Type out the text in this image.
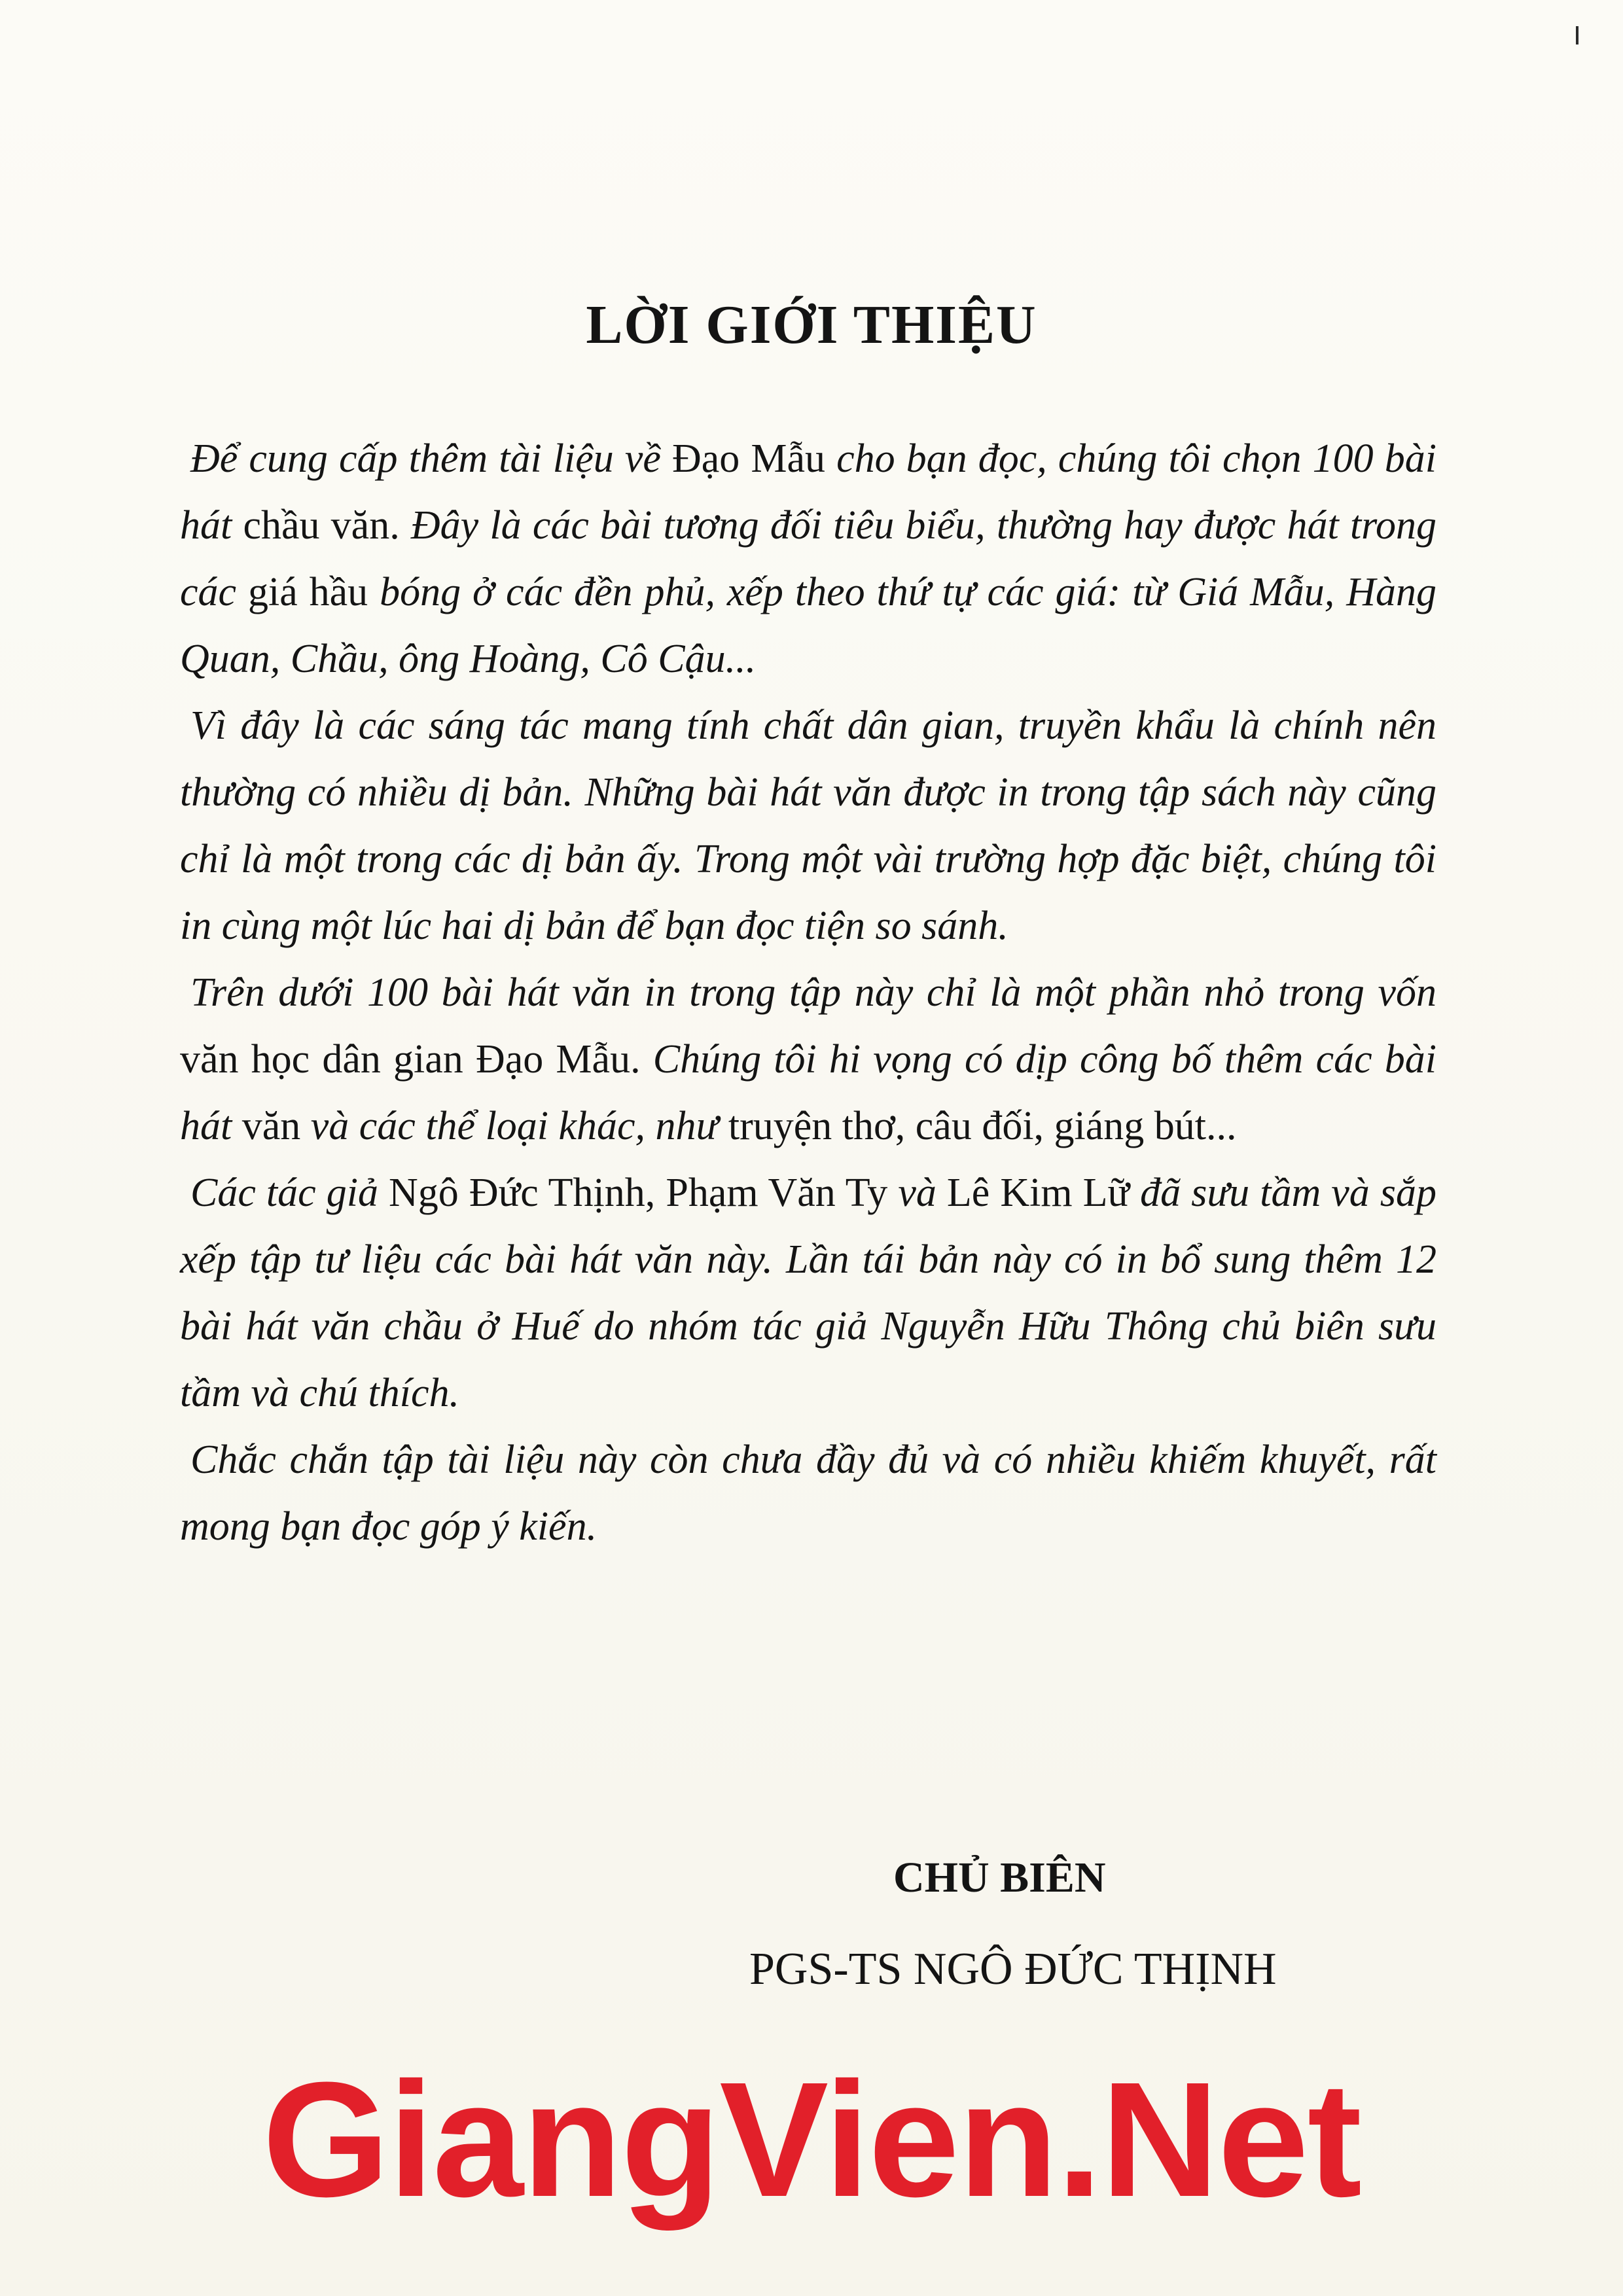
LỜI GIỚI THIỆU

Để cung cấp thêm tài liệu về Đạo Mẫu cho bạn đọc, chúng tôi chọn 100 bài hát chầu văn. Đây là các bài tương đối tiêu biểu, thường hay được hát trong các giá hầu bóng ở các đền phủ, xếp theo thứ tự các giá: từ Giá Mẫu, Hàng Quan, Chầu, ông Hoàng, Cô Cậu...

Vì đây là các sáng tác mang tính chất dân gian, truyền khẩu là chính nên thường có nhiều dị bản. Những bài hát văn được in trong tập sách này cũng chỉ là một trong các dị bản ấy. Trong một vài trường hợp đặc biệt, chúng tôi in cùng một lúc hai dị bản để bạn đọc tiện so sánh.

Trên dưới 100 bài hát văn in trong tập này chỉ là một phần nhỏ trong vốn văn học dân gian Đạo Mẫu. Chúng tôi hi vọng có dịp công bố thêm các bài hát văn và các thể loại khác, như truyện thơ, câu đối, giáng bút...

Các tác giả Ngô Đức Thịnh, Phạm Văn Ty và Lê Kim Lữ đã sưu tầm và sắp xếp tập tư liệu các bài hát văn này. Lần tái bản này có in bổ sung thêm 12 bài hát văn chầu ở Huế do nhóm tác giả Nguyễn Hữu Thông chủ biên sưu tầm và chú thích.

Chắc chắn tập tài liệu này còn chưa đầy đủ và có nhiều khiếm khuyết, rất mong bạn đọc góp ý kiến.

CHỦ BIÊN

PGS-TS NGÔ ĐỨC THỊNH

GiangVien.Net
